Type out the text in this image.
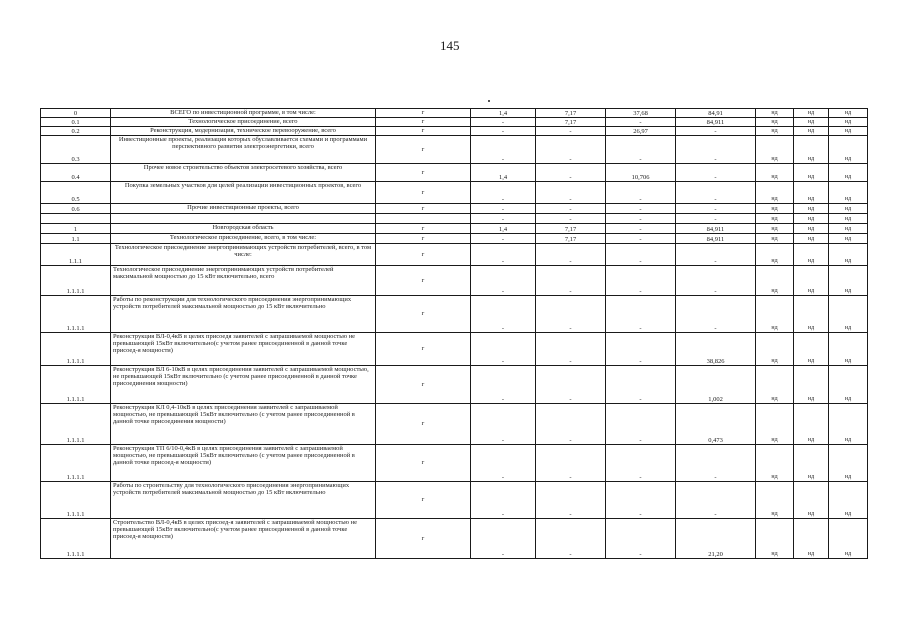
145
0	ВСЕГО по инвестиционной программе, в том числе:	г	1,4	7,17	37,68	84,91	нд	нд	нд
0.1	Технологическое присоединение, всего	г	-	7,17	-	84,911	нд	нд	нд
0.2	Реконструкция, модернизация, техническое перевооружение, всего	г	-	-	26,97	-	нд	нд	нд
0.3	Инвестиционные проекты, реализация которых обуславливается схемами и программами перспективного развития электроэнергетики, всего	г	-	-	-	-	нд	нд	нд
0.4	Прочее новое строительство объектов электросетевого хозяйства, всего	г	1,4	-	10,706	-	нд	нд	нд
0.5	Покупка земельных участков для целей реализации инвестиционных проектов, всего	г	-	-	-	-	нд	нд	нд
0.6	Прочие инвестиционные проекты, всего	г	-	-	-	-	нд	нд	нд
			-	-	-	-	нд	нд	нд
1	Новгородская область	г	1,4	7,17	-	84,911	нд	нд	нд
1.1	Технологическое присоединение, всего, в том числе:	г	-	7,17	-	84,911	нд	нд	нд
1.1.1	Технологическое присоединение энергопринимающих устройств потребителей, всего, в том числе:	г	-	-	-	-	нд	нд	нд
1.1.1.1	Технологическое присоединение энергопринимающих устройств потребителей максимальной мощностью до 15 кВт включительно, всего	г	-	-	-	-	нд	нд	нд
1.1.1.1	Работы по реконструкции для технологического присоединения энергопринимающих устройств потребителей максимальной мощностью до 15 кВт включительно	г	-	-	-	-	нд	нд	нд
1.1.1.1	Реконструкция ВЛ-0,4кВ в целях присоедя заявителей с запрашиваемой мощностью не превышающей 15кВт включительно(с учетом ранее присоединенной в данной точке присоед-я мощности)	г	-	-	-	38,826	нд	нд	нд
1.1.1.1	Реконструкция ВЛ 6-10кВ в целях присоединения заявителей с запрашиваемой мощностью, не превышающей 15кВт включительно (с учетом ранее присоединенной в данной точке присоединения мощности)	г	-	-	-	1,002	нд	нд	нд
1.1.1.1	Реконструкция КЛ 0,4-10кВ в целях присоединения заявителей с запрашиваемой мощностью, не превышающей 15кВт включительно (с учетом ранее присоединенной в данной точке присоединения мощности)	г	-	-	-	0,473	нд	нд	нд
1.1.1.1	Реконструкция ТП 6/10-0,4кВ в целях присоединения заявителей с запрашиваемой мощностью, не превышающей 15кВт включительно (с учетом ранее присоединенной в данной точке присоед-я мощности)	г	-	-	-	-	нд	нд	нд
1.1.1.1	Работы по строительству для технологического присоединения энергопринимающих устройств потребителей максимальной мощностью до 15 кВт включительно	г	-	-	-	-	нд	нд	нд
1.1.1.1	Строительство ВЛ-0,4кВ в целях присоед-я заявителей с запрашиваемой мощностью не превышающей 15кВт включительно(с учетом ранее присоединенной в данной точке присоед-я мощности)	г	-	-	-	21,20	нд	нд	нд
